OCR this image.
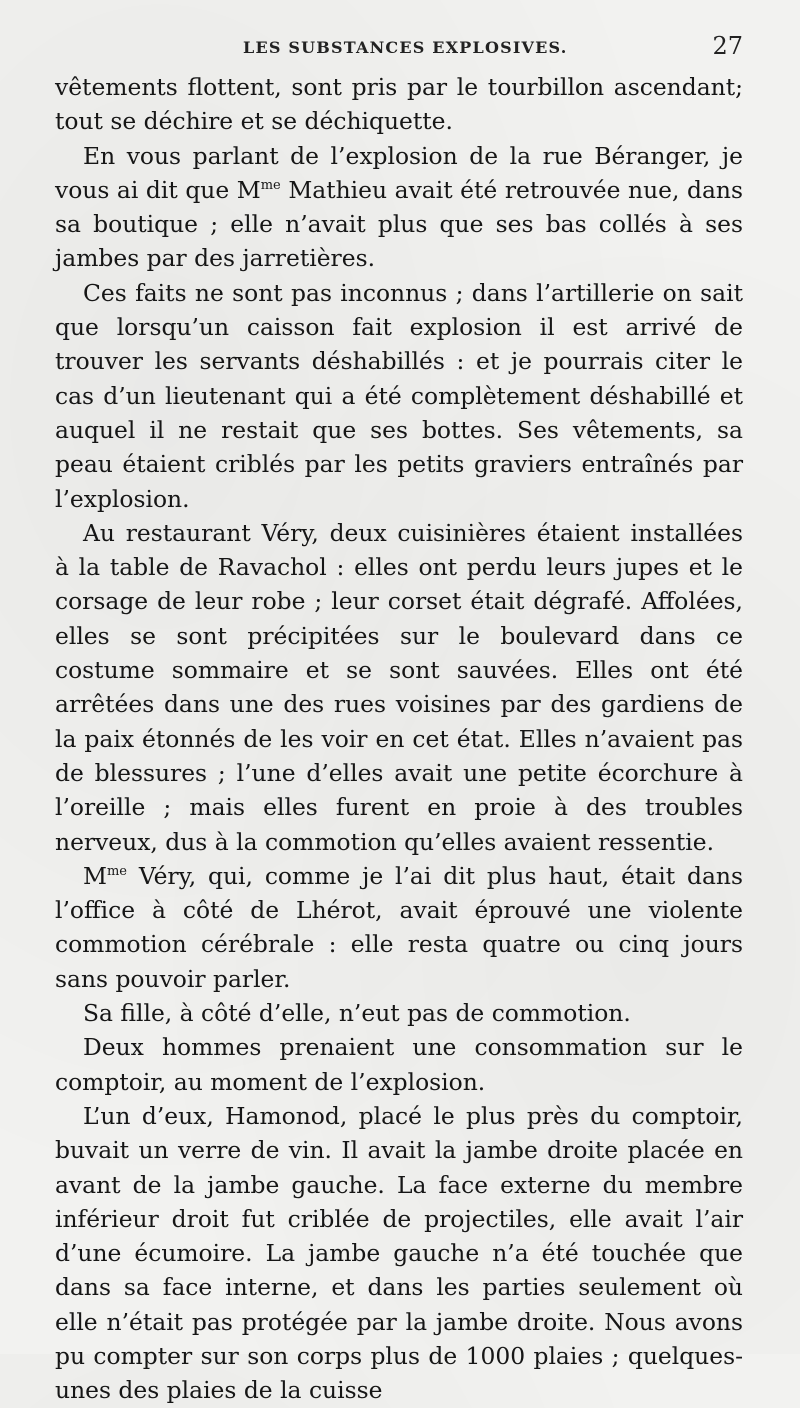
LES SUBSTANCES EXPLOSIVES.	27

vêtements flottent, sont pris par le tourbillon ascendant; tout se déchire et se déchiquette.

En vous parlant de l’explosion de la rue Béranger, je vous ai dit que $M^{me}$ Mathieu avait été retrouvée nue, dans sa boutique ; elle n’avait plus que ses bas collés à ses jambes par des jarretières.

Ces faits ne sont pas inconnus ; dans l’artillerie on sait que lorsqu’un caisson fait explosion il est arrivé de trouver les servants déshabillés : et je pourrais citer le cas d’un lieutenant qui a été complètement déshabillé et auquel il ne restait que ses bottes. Ses vêtements, sa peau étaient criblés par les petits graviers entraînés par l’explosion.

Au restaurant Véry, deux cuisinières étaient installées à la table de Ravachol : elles ont perdu leurs jupes et le corsage de leur robe ; leur corset était dégrafé. Affolées, elles se sont précipitées sur le boulevard dans ce costume sommaire et se sont sauvées. Elles ont été arrêtées dans une des rues voisines par des gardiens de la paix étonnés de les voir en cet état. Elles n’avaient pas de blessures ; l’une d’elles avait une petite écorchure à l’oreille ; mais elles furent en proie à des troubles nerveux, dus à la commotion qu’elles avaient ressentie.

$M^{me}$ Véry, qui, comme je l’ai dit plus haut, était dans l’office à côté de Lhérot, avait éprouvé une violente commotion cérébrale : elle resta quatre ou cinq jours sans pouvoir parler.

Sa fille, à côté d’elle, n’eut pas de commotion.

Deux hommes prenaient une consommation sur le comptoir, au moment de l’explosion.

L’un d’eux, Hamonod, placé le plus près du comptoir, buvait un verre de vin. Il avait la jambe droite placée en avant de la jambe gauche. La face externe du membre inférieur droit fut criblée de projectiles, elle avait l’air d’une écumoire. La jambe gauche n’a été touchée que dans sa face interne, et dans les parties seulement où elle n’était pas protégée par la jambe droite. Nous avons pu compter sur son corps plus de 1000 plaies ; quelques-unes des plaies de la cuisse
